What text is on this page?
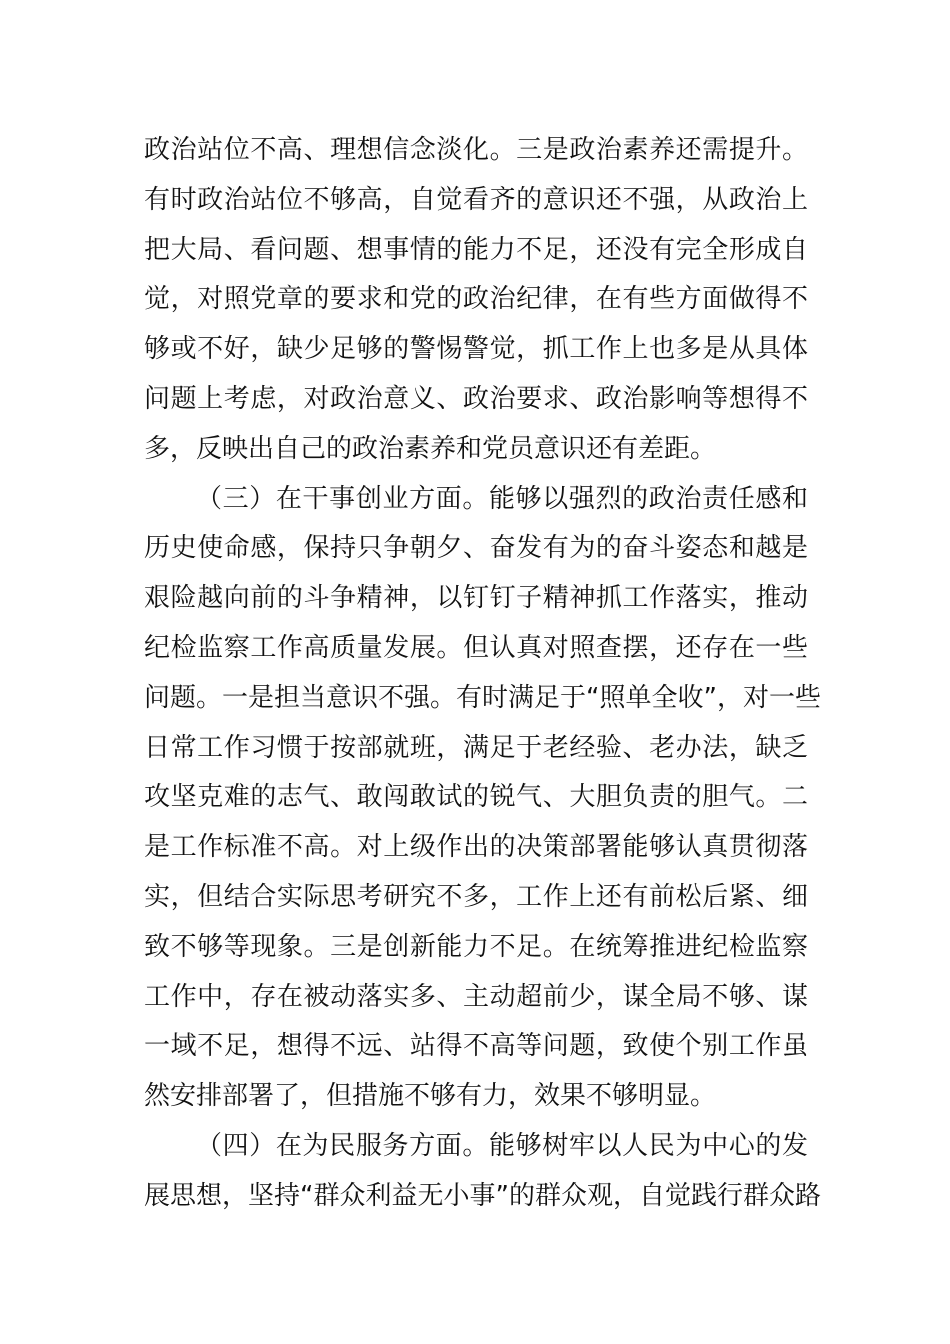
政治站位不高、理想信念淡化。三是政治素养还需提升。
有时政治站位不够高，自觉看齐的意识还不强，从政治上
把大局、看问题、想事情的能力不足，还没有完全形成自
觉，对照党章的要求和党的政治纪律，在有些方面做得不
够或不好，缺少足够的警惕警觉，抓工作上也多是从具体
问题上考虑，对政治意义、政治要求、政治影响等想得不
多，反映出自己的政治素养和党员意识还有差距。
（三）在干事创业方面。能够以强烈的政治责任感和
历史使命感，保持只争朝夕、奋发有为的奋斗姿态和越是
艰险越向前的斗争精神，以钉钉子精神抓工作落实，推动
纪检监察工作高质量发展。但认真对照查摆，还存在一些
问题。一是担当意识不强。有时满足于“照单全收”，对一些
日常工作习惯于按部就班，满足于老经验、老办法，缺乏
攻坚克难的志气、敢闯敢试的锐气、大胆负责的胆气。二
是工作标准不高。对上级作出的决策部署能够认真贯彻落
实，但结合实际思考研究不多，工作上还有前松后紧、细
致不够等现象。三是创新能力不足。在统筹推进纪检监察
工作中，存在被动落实多、主动超前少，谋全局不够、谋
一域不足，想得不远、站得不高等问题，致使个别工作虽
然安排部署了，但措施不够有力，效果不够明显。
（四）在为民服务方面。能够树牢以人民为中心的发
展思想，坚持“群众利益无小事”的群众观，自觉践行群众路
